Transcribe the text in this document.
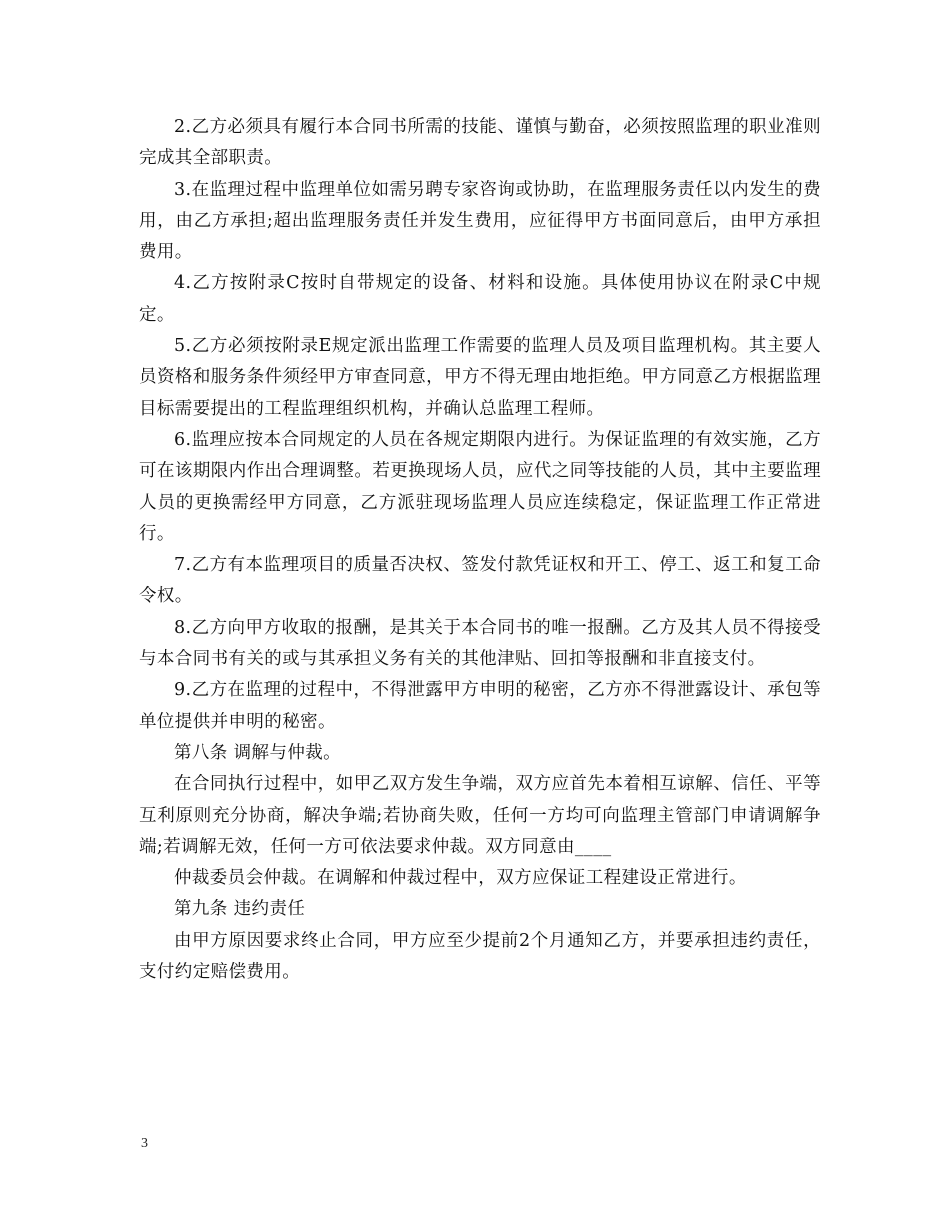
2.乙方必须具有履行本合同书所需的技能、谨慎与勤奋，必须按照监理的职业准则完成其全部职责。

3.在监理过程中监理单位如需另聘专家咨询或协助，在监理服务责任以内发生的费用，由乙方承担;超出监理服务责任并发生费用，应征得甲方书面同意后，由甲方承担费用。

4.乙方按附录C按时自带规定的设备、材料和设施。具体使用协议在附录C中规定。

5.乙方必须按附录E规定派出监理工作需要的监理人员及项目监理机构。其主要人员资格和服务条件须经甲方审查同意，甲方不得无理由地拒绝。甲方同意乙方根据监理目标需要提出的工程监理组织机构，并确认总监理工程师。

6.监理应按本合同规定的人员在各规定期限内进行。为保证监理的有效实施，乙方可在该期限内作出合理调整。若更换现场人员，应代之同等技能的人员，其中主要监理人员的更换需经甲方同意，乙方派驻现场监理人员应连续稳定，保证监理工作正常进行。

7.乙方有本监理项目的质量否决权、签发付款凭证权和开工、停工、返工和复工命令权。

8.乙方向甲方收取的报酬，是其关于本合同书的唯一报酬。乙方及其人员不得接受与本合同书有关的或与其承担义务有关的其他津贴、回扣等报酬和非直接支付。

9.乙方在监理的过程中，不得泄露甲方申明的秘密，乙方亦不得泄露设计、承包等单位提供并申明的秘密。

第八条 调解与仲裁。

在合同执行过程中，如甲乙双方发生争端，双方应首先本着相互谅解、信任、平等互利原则充分协商，解决争端;若协商失败，任何一方均可向监理主管部门申请调解争端;若调解无效，任何一方可依法要求仲裁。双方同意由____

仲裁委员会仲裁。在调解和仲裁过程中，双方应保证工程建设正常进行。

第九条 违约责任

由甲方原因要求终止合同，甲方应至少提前2个月通知乙方，并要承担违约责任，支付约定赔偿费用。

3
